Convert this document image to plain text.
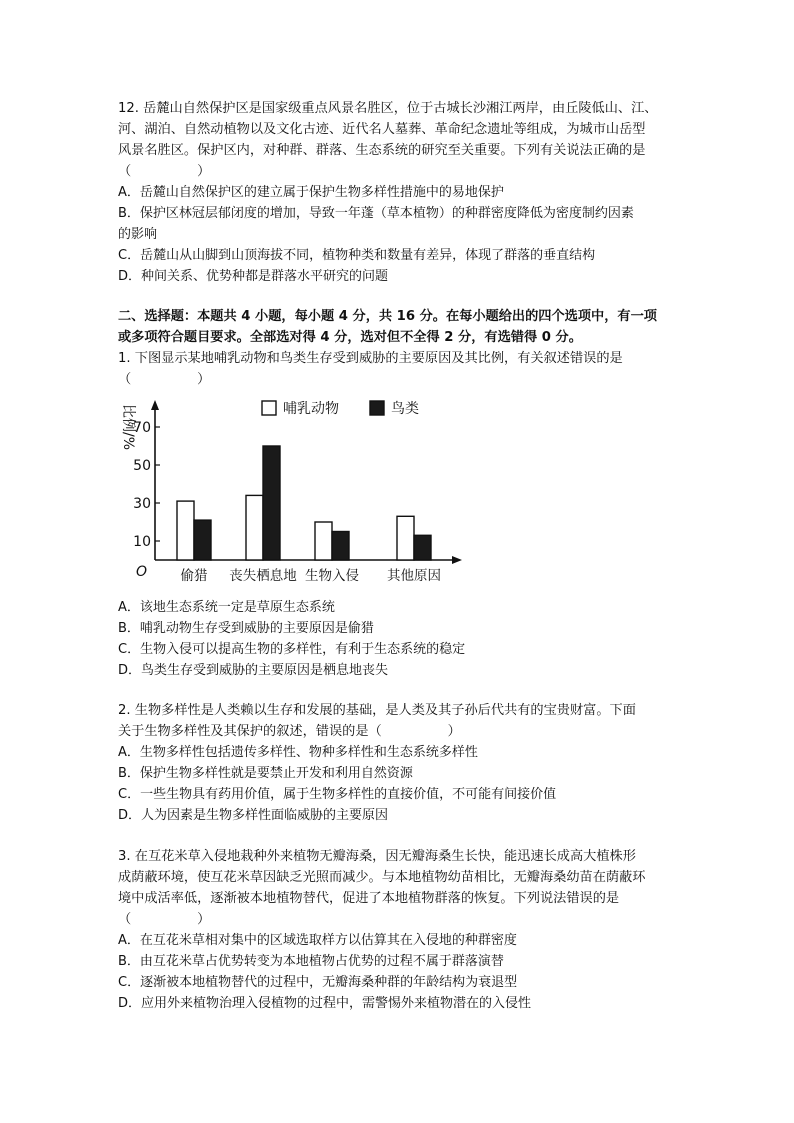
12. 岳麓山自然保护区是国家级重点风景名胜区，位于古城长沙湘江两岸，由丘陵低山、江、
河、湖泊、自然动植物以及文化古迹、近代名人墓葬、革命纪念遗址等组成，为城市山岳型
风景名胜区。保护区内，对种群、群落、生态系统的研究至关重要。下列有关说法正确的是
（　　　　　）
A．岳麓山自然保护区的建立属于保护生物多样性措施中的易地保护
B．保护区林冠层郁闭度的增加，导致一年蓬（草本植物）的种群密度降低为密度制约因素
的影响
C．岳麓山从山脚到山顶海拔不同，植物种类和数量有差异，体现了群落的垂直结构
D．种间关系、优势种都是群落水平研究的问题
二、选择题：本题共 4 小题，每小题 4 分，共 16 分。在每小题给出的四个选项中，有一项
或多项符合题目要求。全部选对得 4 分，选对但不全得 2 分，有选错得 0 分。
1. 下图显示某地哺乳动物和鸟类生存受到威胁的主要原因及其比例，有关叙述错误的是
（　　　　　）
哺乳动物	鸟类
10
30
50
70
O
比例/%
偷猎 丧失栖息地 生物入侵 其他原因
A．该地生态系统一定是草原生态系统
B．哺乳动物生存受到威胁的主要原因是偷猎
C．生物入侵可以提高生物的多样性，有利于生态系统的稳定
D．鸟类生存受到威胁的主要原因是栖息地丧失
2. 生物多样性是人类赖以生存和发展的基础，是人类及其子孙后代共有的宝贵财富。下面
关于生物多样性及其保护的叙述，错误的是（　　　　　）
A．生物多样性包括遗传多样性、物种多样性和生态系统多样性
B．保护生物多样性就是要禁止开发和利用自然资源
C．一些生物具有药用价值，属于生物多样性的直接价值，不可能有间接价值
D．人为因素是生物多样性面临威胁的主要原因
3. 在互花米草入侵地栽种外来植物无瓣海桑，因无瓣海桑生长快，能迅速长成高大植株形
成荫蔽环境，使互花米草因缺乏光照而减少。与本地植物幼苗相比，无瓣海桑幼苗在荫蔽环
境中成活率低，逐渐被本地植物替代，促进了本地植物群落的恢复。下列说法错误的是
（　　　　　）
A．在互花米草相对集中的区域选取样方以估算其在入侵地的种群密度
B．由互花米草占优势转变为本地植物占优势的过程不属于群落演替
C．逐渐被本地植物替代的过程中，无瓣海桑种群的年龄结构为衰退型
D．应用外来植物治理入侵植物的过程中，需警惕外来植物潜在的入侵性
